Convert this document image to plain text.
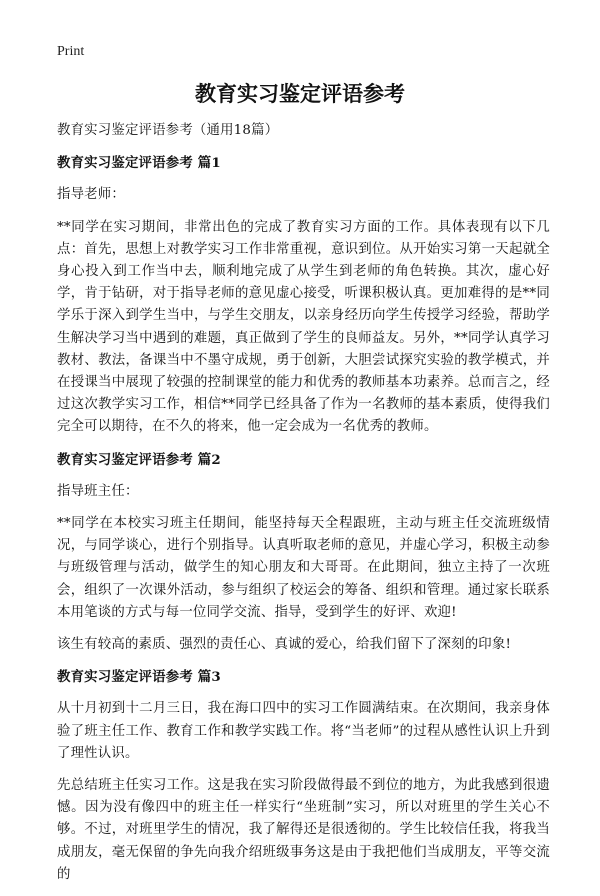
Print
教育实习鉴定评语参考

教育实习鉴定评语参考（通用18篇）

教育实习鉴定评语参考 篇1

指导老师：

**同学在实习期间，非常出色的完成了教育实习方面的工作。具体表现有以下几点：首先，思想上对教学实习工作非常重视，意识到位。从开始实习第一天起就全身心投入到工作当中去，顺利地完成了从学生到老师的角色转换。其次，虚心好学，肯于钻研，对于指导老师的意见虚心接受，听课积极认真。更加难得的是**同学乐于深入到学生当中，与学生交朋友，以亲身经历向学生传授学习经验，帮助学生解决学习当中遇到的难题，真正做到了学生的良师益友。另外，**同学认真学习教材、教法，备课当中不墨守成规，勇于创新，大胆尝试探究实验的教学模式，并在授课当中展现了较强的控制课堂的能力和优秀的教师基本功素养。总而言之，经过这次教学实习工作，相信**同学已经具备了作为一名教师的基本素质，使得我们完全可以期待，在不久的将来，他一定会成为一名优秀的教师。

教育实习鉴定评语参考 篇2

指导班主任：

**同学在本校实习班主任期间，能坚持每天全程跟班，主动与班主任交流班级情况，与同学谈心，进行个别指导。认真听取老师的意见，并虚心学习，积极主动参与班级管理与活动，做学生的知心朋友和大哥哥。在此期间，独立主持了一次班会，组织了一次课外活动，参与组织了校运会的筹备、组织和管理。通过家长联系本用笔谈的方式与每一位同学交流、指导，受到学生的好评、欢迎!

该生有较高的素质、强烈的责任心、真诚的爱心，给我们留下了深刻的印象!

教育实习鉴定评语参考 篇3

从十月初到十二月三日，我在海口四中的实习工作圆满结束。在次期间，我亲身体验了班主任工作、教育工作和教学实践工作。将“当老师”的过程从感性认识上升到了理性认识。

先总结班主任实习工作。这是我在实习阶段做得最不到位的地方，为此我感到很遗憾。因为没有像四中的班主任一样实行“坐班制”实习，所以对班里的学生关心不够。不过，对班里学生的情况，我了解得还是很透彻的。学生比较信任我，将我当成朋友，毫无保留的争先向我介绍班级事务这是由于我把他们当成朋友，平等交流的
